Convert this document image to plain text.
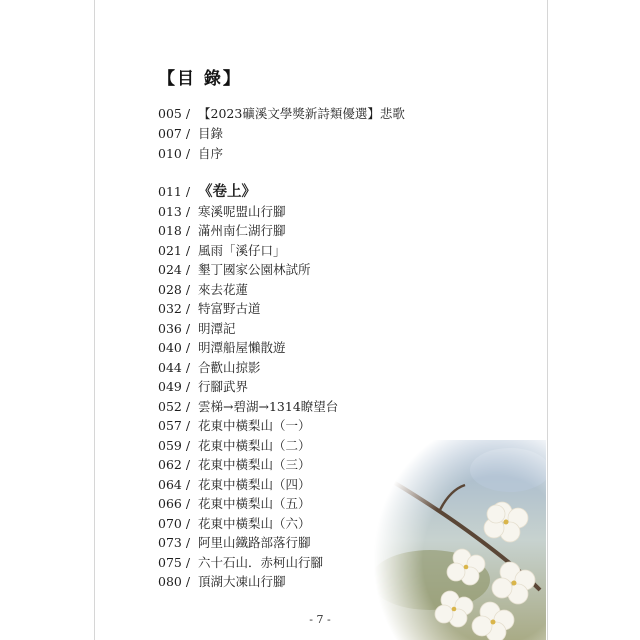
【目 錄】
005 / 【2023礦溪文學獎新詩類優選】悲歌
007 / 目錄
010 / 自序
011 / 《卷上》
013 / 寒溪呢盟山行腳
018 / 滿州南仁湖行腳
021 / 風雨「溪仔口」
024 / 墾丁國家公園林試所
028 / 來去花蓮
032 / 特富野古道
036 / 明潭記
040 / 明潭船屋懶散遊
044 / 合歡山掠影
049 / 行腳武界
052 / 雲梯→碧湖→1314瞭望台
057 / 花東中橫梨山（一）
059 / 花東中橫梨山（二）
062 / 花東中橫梨山（三）
064 / 花東中橫梨山（四）
066 / 花東中橫梨山（五）
070 / 花東中橫梨山（六）
073 / 阿里山鐵路部落行腳
075 / 六十石山．赤柯山行腳
080 / 頂湖大凍山行腳
- 7 -
